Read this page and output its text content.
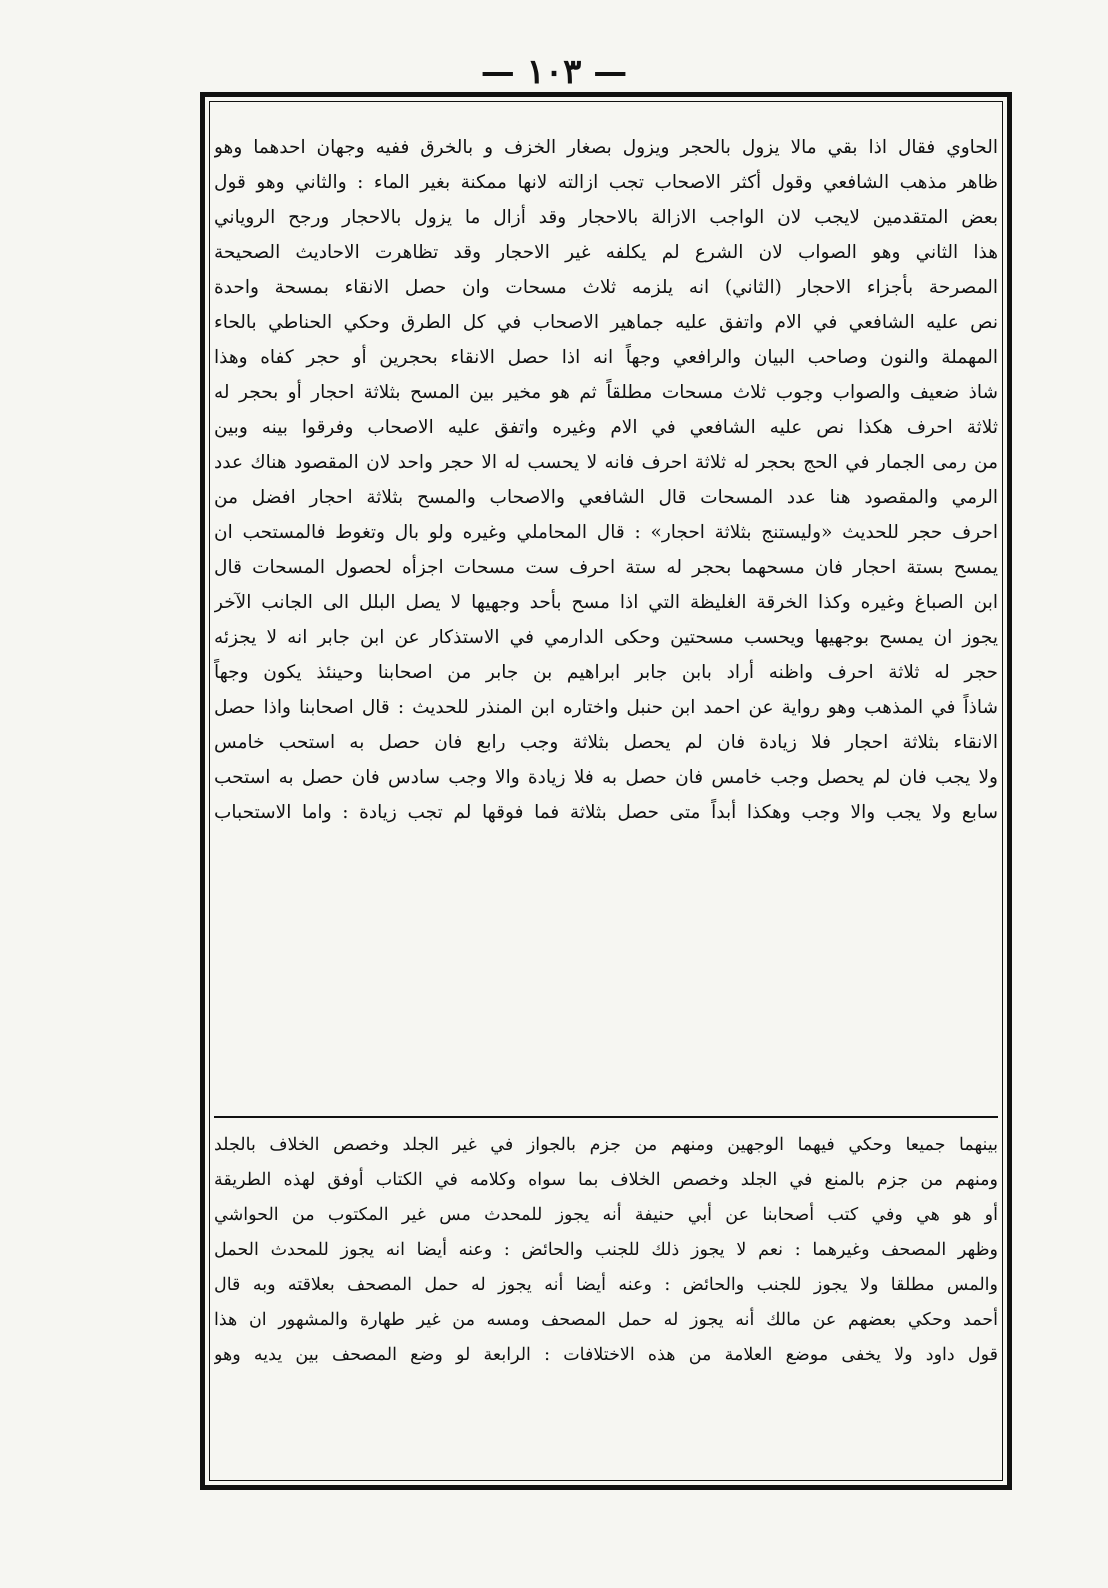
— ١٠٣ —
الحاوي فقال اذا بقي مالا يزول بالحجر ويزول بصغار الخزف و بالخرق ففيه وجهان احدهما وهو
ظاهر مذهب الشافعي وقول أكثر الاصحاب تجب ازالته لانها ممكنة بغير الماء : والثاني وهو قول
بعض المتقدمين لايجب لان الواجب الازالة بالاحجار وقد أزال ما يزول بالاحجار ورجح الروياني
هذا الثاني وهو الصواب لان الشرع لم يكلفه غير الاحجار وقد تظاهرت الاحاديث الصحيحة
المصرحة بأجزاء الاحجار (الثاني) انه يلزمه ثلاث مسحات وان حصل الانقاء بمسحة واحدة
نص عليه الشافعي في الام واتفق عليه جماهير الاصحاب في كل الطرق وحكي الحناطي بالحاء
المهملة والنون وصاحب البيان والرافعي وجهاً انه اذا حصل الانقاء بحجرين أو حجر كفاه وهذا
شاذ ضعيف والصواب وجوب ثلاث مسحات مطلقاً ثم هو مخير بين المسح بثلاثة احجار أو بحجر له
ثلاثة احرف هكذا نص عليه الشافعي في الام وغيره واتفق عليه الاصحاب وفرقوا بينه وبين
من رمى الجمار في الحج بحجر له ثلاثة احرف فانه لا يحسب له الا حجر واحد لان المقصود هناك عدد
الرمي والمقصود هنا عدد المسحات قال الشافعي والاصحاب والمسح بثلاثة احجار افضل من
احرف حجر للحديث «وليستنج بثلاثة احجار» : قال المحاملي وغيره ولو بال وتغوط فالمستحب ان
يمسح بستة احجار فان مسحهما بحجر له ستة احرف ست مسحات اجزأه لحصول المسحات قال
ابن الصباغ وغيره وكذا الخرقة الغليظة التي اذا مسح بأحد وجهيها لا يصل البلل الى الجانب الآخر
يجوز ان يمسح بوجهيها ويحسب مسحتين وحكى الدارمي في الاستذكار عن ابن جابر انه لا يجزئه
حجر له ثلاثة احرف واظنه أراد بابن جابر ابراهيم بن جابر من اصحابنا وحينئذ يكون وجهاً
شاذاً في المذهب وهو رواية عن احمد ابن حنبل واختاره ابن المنذر للحديث : قال اصحابنا واذا حصل
الانقاء بثلاثة احجار فلا زيادة فان لم يحصل بثلاثة وجب رابع فان حصل به استحب خامس
ولا يجب فان لم يحصل وجب خامس فان حصل به فلا زيادة والا وجب سادس فان حصل به استحب
سابع ولا يجب والا وجب وهكذا أبداً متى حصل بثلاثة فما فوقها لم تجب زيادة : واما الاستحباب
بينهما جميعا وحكي فيهما الوجهين ومنهم من جزم بالجواز في غير الجلد وخصص الخلاف بالجلد
ومنهم من جزم بالمنع في الجلد وخصص الخلاف بما سواه وكلامه في الكتاب أوفق لهذه الطريقة
أو هو هي وفي كتب أصحابنا عن أبي حنيفة أنه يجوز للمحدث مس غير المكتوب من الحواشي
وظهر المصحف وغيرهما : نعم لا يجوز ذلك للجنب والحائض : وعنه أيضا انه يجوز للمحدث الحمل
والمس مطلقا ولا يجوز للجنب والحائض : وعنه أيضا أنه يجوز له حمل المصحف بعلاقته وبه قال
أحمد وحكي بعضهم عن مالك أنه يجوز له حمل المصحف ومسه من غير طهارة والمشهور ان هذا
قول داود ولا يخفى موضع العلامة من هذه الاختلافات : الرابعة لو وضع المصحف بين يديه وهو
